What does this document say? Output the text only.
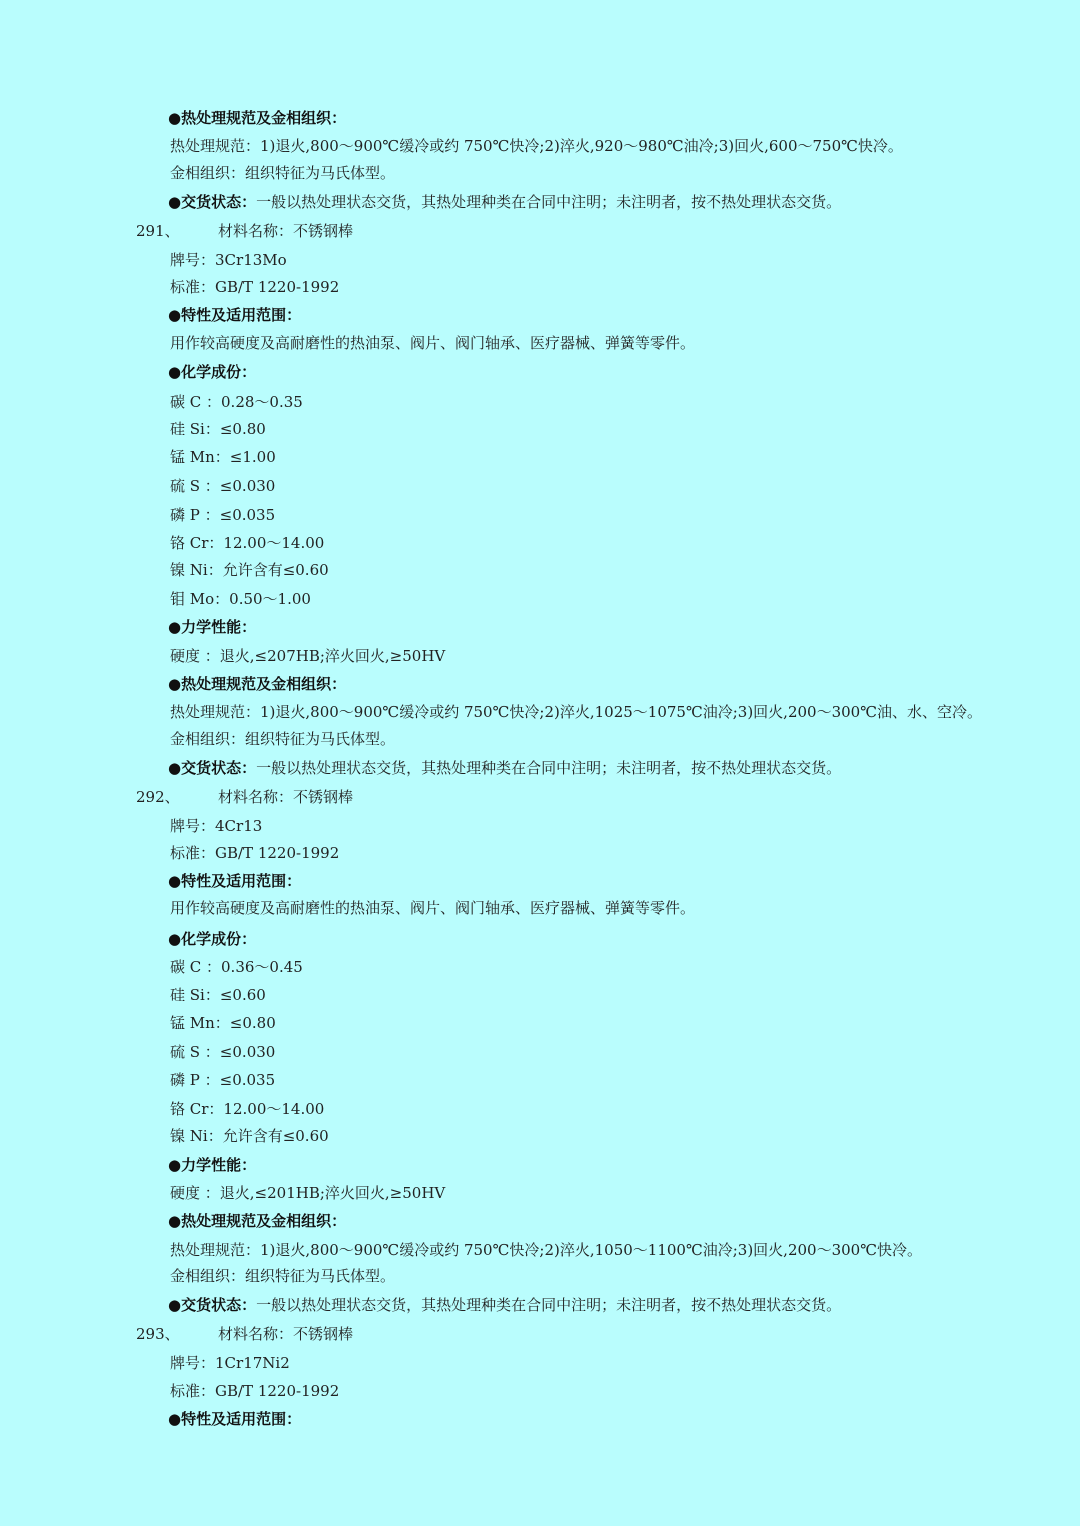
●热处理规范及金相组织：
热处理规范：1)退火,800～900℃缓冷或约 750℃快冷;2)淬火,920～980℃油冷;3)回火,600～750℃快冷。
金相组织：组织特征为马氏体型。
●交货状态：一般以热处理状态交货，其热处理种类在合同中注明；未注明者，按不热处理状态交货。
291、	材料名称：不锈钢棒
牌号：3Cr13Mo
标准：GB/T 1220-1992
●特性及适用范围：
用作较高硬度及高耐磨性的热油泵、阀片、阀门轴承、医疗器械、弹簧等零件。
●化学成份：
碳 C ：0.28～0.35
硅 Si：≤0.80
锰 Mn：≤1.00
硫 S ：≤0.030
磷 P ：≤0.035
铬 Cr：12.00～14.00
镍 Ni：允许含有≤0.60
钼 Mo：0.50～1.00
●力学性能：
硬度 ：退火,≤207HB;淬火回火,≥50HV
●热处理规范及金相组织：
热处理规范：1)退火,800～900℃缓冷或约 750℃快冷;2)淬火,1025～1075℃油冷;3)回火,200～300℃油、水、空冷。
金相组织：组织特征为马氏体型。
●交货状态：一般以热处理状态交货，其热处理种类在合同中注明；未注明者，按不热处理状态交货。
292、	材料名称：不锈钢棒
牌号：4Cr13
标准：GB/T 1220-1992
●特性及适用范围：
用作较高硬度及高耐磨性的热油泵、阀片、阀门轴承、医疗器械、弹簧等零件。
●化学成份：
碳 C ：0.36～0.45
硅 Si：≤0.60
锰 Mn：≤0.80
硫 S ：≤0.030
磷 P ：≤0.035
铬 Cr：12.00～14.00
镍 Ni：允许含有≤0.60
●力学性能：
硬度 ：退火,≤201HB;淬火回火,≥50HV
●热处理规范及金相组织：
热处理规范：1)退火,800～900℃缓冷或约 750℃快冷;2)淬火,1050～1100℃油冷;3)回火,200～300℃快冷。
金相组织：组织特征为马氏体型。
●交货状态：一般以热处理状态交货，其热处理种类在合同中注明；未注明者，按不热处理状态交货。
293、	材料名称：不锈钢棒
牌号：1Cr17Ni2
标准：GB/T 1220-1992
●特性及适用范围：
